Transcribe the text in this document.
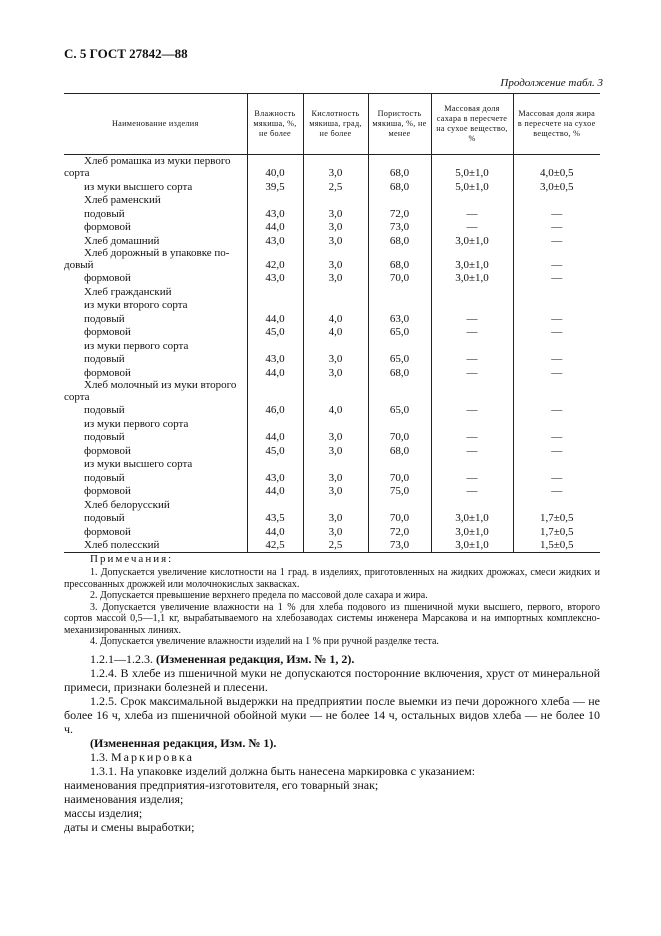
С. 5 ГОСТ 27842—88
Продолжение табл. 3
Наименование изделия	Влажность мякиша, %, не более	Кислотность мякиша, град, не более	Пористость мякиша, %, не менее	Массовая доля сахара в пересчете на сухое вещество, %	Массовая доля жира в пересчете на сухое вещество, %
Хлеб ромашка из муки первого сорта	40,0	3,0	68,0	5,0±1,0	4,0±0,5
из муки высшего сорта	39,5	2,5	68,0	5,0±1,0	3,0±0,5
Хлеб раменский					
подовый	43,0	3,0	72,0	—	—
формовой	44,0	3,0	73,0	—	—
Хлеб домашний	43,0	3,0	68,0	3,0±1,0	—
Хлеб дорожный в упаковке подовый	42,0	3,0	68,0	3,0±1,0	—
формовой	43,0	3,0	70,0	3,0±1,0	—
Хлеб гражданский					
из муки второго сорта					
подовый	44,0	4,0	63,0	—	—
формовой	45,0	4,0	65,0	—	—
из муки первого сорта					
подовый	43,0	3,0	65,0	—	—
формовой	44,0	3,0	68,0	—	—
Хлеб молочный из муки второго сорта					
подовый	46,0	4,0	65,0	—	—
из муки первого сорта					
подовый	44,0	3,0	70,0	—	—
формовой	45,0	3,0	68,0	—	—
из муки высшего сорта					
подовый	43,0	3,0	70,0	—	—
формовой	44,0	3,0	75,0	—	—
Хлеб белорусский					
подовый	43,5	3,0	70,0	3,0±1,0	1,7±0,5
формовой	44,0	3,0	72,0	3,0±1,0	1,7±0,5
Хлеб полесский	42,5	2,5	73,0	3,0±1,0	1,5±0,5
Примечания:

1. Допускается увеличение кислотности на 1 град. в изделиях, приготовленных на жидких дрожжах, смеси жидких и прессованных дрожжей или молочнокислых заквасках.

2. Допускается превышение верхнего предела по массовой доле сахара и жира.

3. Допускается увеличение влажности на 1 % для хлеба подового из пшеничной муки высшего, первого, второго сортов массой 0,5—1,1 кг, вырабатываемого на хлебозаводах системы инженера Марсакова и на импортных комплексно-механизированных линиях.

4. Допускается увеличение влажности изделий на 1 % при ручной разделке теста.

1.2.1—1.2.3. (Измененная редакция, Изм. № 1, 2).

1.2.4. В хлебе из пшеничной муки не допускаются посторонние включения, хруст от минеральной примеси, признаки болезней и плесени.

1.2.5. Срок максимальной выдержки на предприятии после выемки из печи дорожного хлеба — не более 16 ч, хлеба из пшеничной обойной муки — не более 14 ч, остальных видов хлеба — не более 10 ч.

(Измененная редакция, Изм. № 1).

1.3. Маркировка

1.3.1. На упаковке изделий должна быть нанесена маркировка с указанием:

наименования предприятия-изготовителя, его товарный знак;

наименования изделия;

массы изделия;

даты и смены выработки;
